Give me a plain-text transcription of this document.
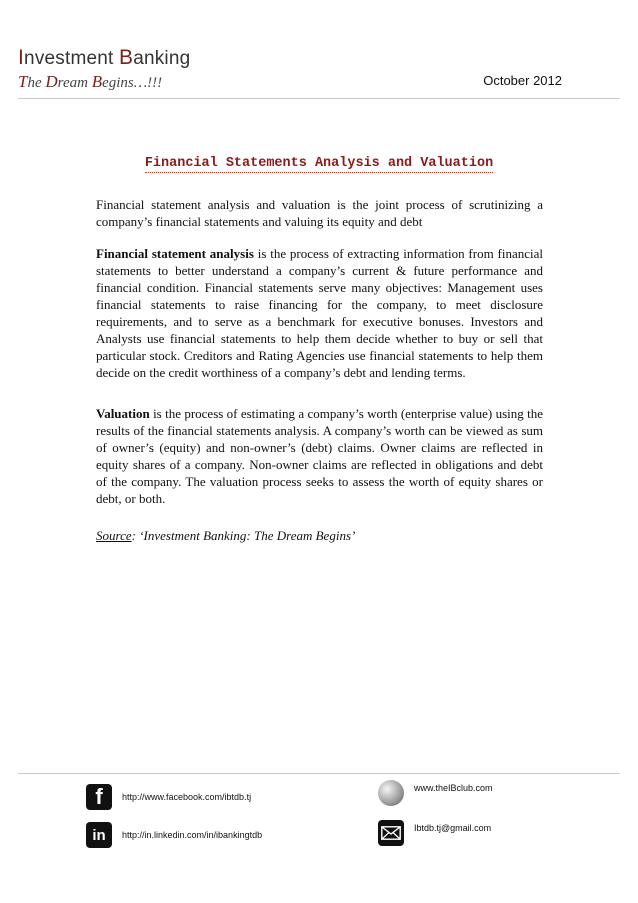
Investment Banking
The Dream Begins…!!!	October 2012
Financial Statements Analysis and Valuation

Financial statement analysis and valuation is the joint process of scrutinizing a company’s financial statements and valuing its equity and debt

Financial statement analysis is the process of extracting information from financial statements to better understand a company’s current & future performance and financial condition. Financial statements serve many objectives: Management uses financial statements to raise financing for the company, to meet disclosure requirements, and to serve as a benchmark for executive bonuses. Investors and Analysts use financial statements to help them decide whether to buy or sell that particular stock. Creditors and Rating Agencies use financial statements to help them decide on the credit worthiness of a company’s debt and lending terms.

Valuation is the process of estimating a company’s worth (enterprise value) using the results of the financial statements analysis. A company’s worth can be viewed as sum of owner’s (equity) and non-owner’s (debt) claims. Owner claims are reflected in equity shares of a company. Non-owner claims are reflected in obligations and debt of the company. The valuation process seeks to assess the worth of equity shares or debt, or both.

Source: ‘Investment Banking: The Dream Begins’
f	http://www.facebook.com/ibtdb.tj
www.theIBclub.com
in	http://in.linkedin.com/in/ibankingtdb
Ibtdb.tj@gmail.com
